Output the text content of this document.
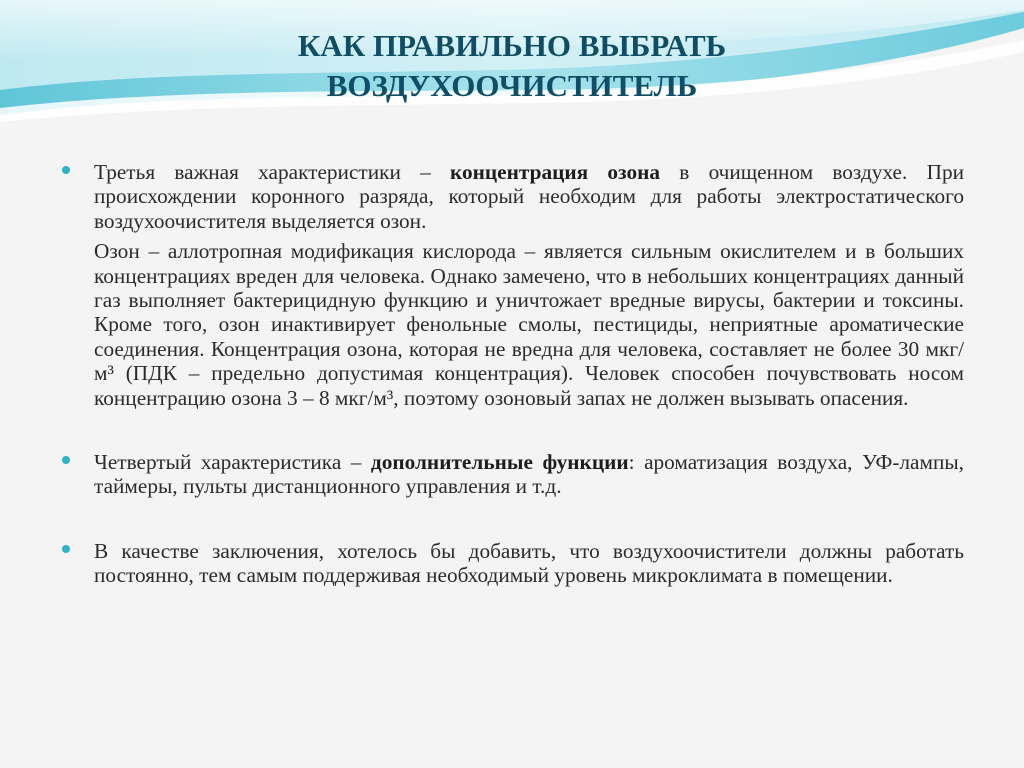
КАК ПРАВИЛЬНО ВЫБРАТЬ
ВОЗДУХООЧИСТИТЕЛЬ

Третья важная характеристики – концентрация озона в очищенном воздухе. При происхождении коронного разряда, который необходим для работы электростатического воздухоочистителя выделяется озон.

Озон – аллотропная модификация кислорода – является сильным окислителем и в больших концентрациях вреден для человека. Однако замечено, что в небольших концентрациях данный газ выполняет бактерицидную функцию и уничтожает вредные вирусы, бактерии и токсины. Кроме того, озон инактивирует фенольные смолы, пестициды, неприятные ароматические соединения. Концентрация озона, которая не вредна для человека, составляет не более 30 мкг/м³ (ПДК – предельно допустимая концентрация). Человек способен почувствовать носом концентрацию озона 3 – 8 мкг/м³, поэтому озоновый запах не должен вызывать опасения.

Четвертый характеристика – дополнительные функции: ароматизация воздуха, УФ-лампы, таймеры, пульты дистанционного управления и т.д.

В качестве заключения, хотелось бы добавить, что воздухоочистители должны работать постоянно, тем самым поддерживая необходимый уровень микроклимата в помещении.
